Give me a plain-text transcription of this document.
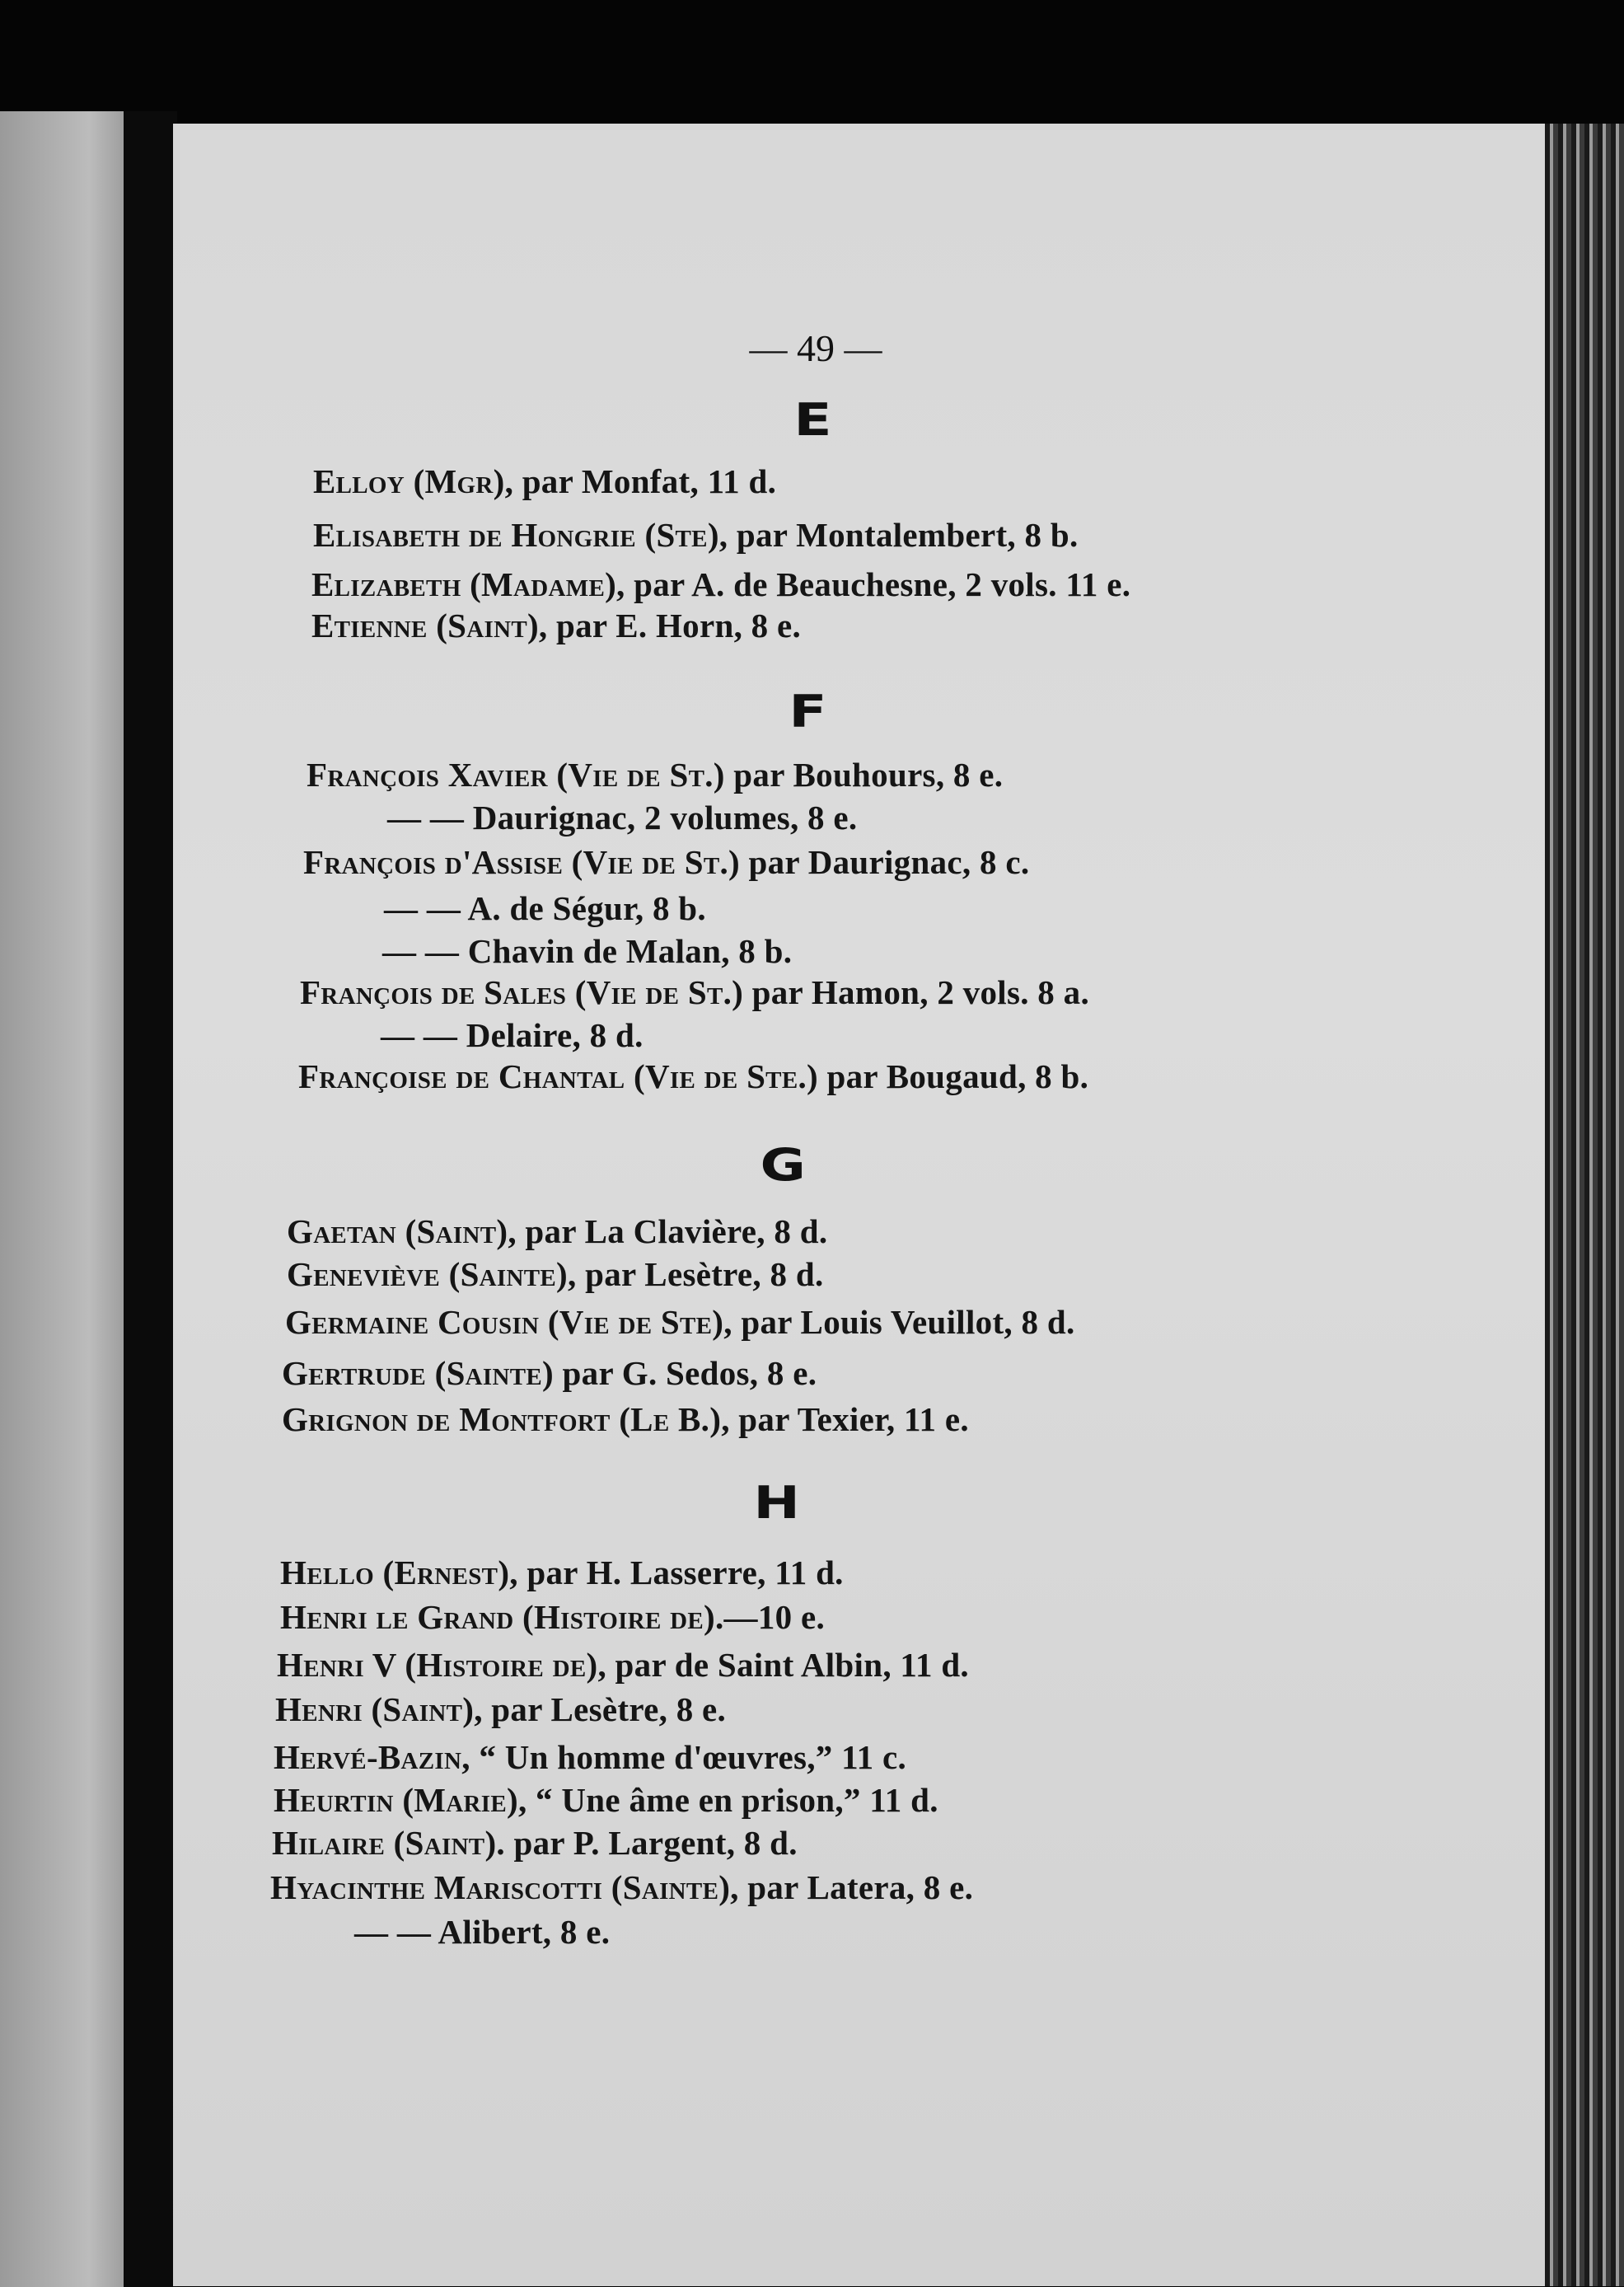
— 49 —
E
Elloy (Mgr), par Monfat, 11 d.
Elisabeth de Hongrie (Ste), par Montalembert, 8 b.
Elizabeth (Madame), par A. de Beauchesne, 2 vols. 11 e.
Etienne (Saint), par E. Horn, 8 e.
F
François Xavier (Vie de St.) par Bouhours, 8 e.
— — Daurignac, 2 volumes, 8 e.
François d'Assise (Vie de St.) par Daurignac, 8 c.
— — A. de Ségur, 8 b.
— — Chavin de Malan, 8 b.
François de Sales (Vie de St.) par Hamon, 2 vols. 8 a.
— — Delaire, 8 d.
Françoise de Chantal (Vie de Ste.) par Bougaud, 8 b.
G
Gaetan (Saint), par La Clavière, 8 d.
Geneviève (Sainte), par Lesètre, 8 d.
Germaine Cousin (Vie de Ste), par Louis Veuillot, 8 d.
Gertrude (Sainte) par G. Sedos, 8 e.
Grignon de Montfort (Le B.), par Texier, 11 e.
H
Hello (Ernest), par H. Lasserre, 11 d.
Henri le Grand (Histoire de).—10 e.
Henri V (Histoire de), par de Saint Albin, 11 d.
Henri (Saint), par Lesètre, 8 e.
Hervé-Bazin, “ Un homme d'œuvres,” 11 c.
Heurtin (Marie), “ Une âme en prison,” 11 d.
Hilaire (Saint). par P. Largent, 8 d.
Hyacinthe Mariscotti (Sainte), par Latera, 8 e.
— — Alibert, 8 e.
